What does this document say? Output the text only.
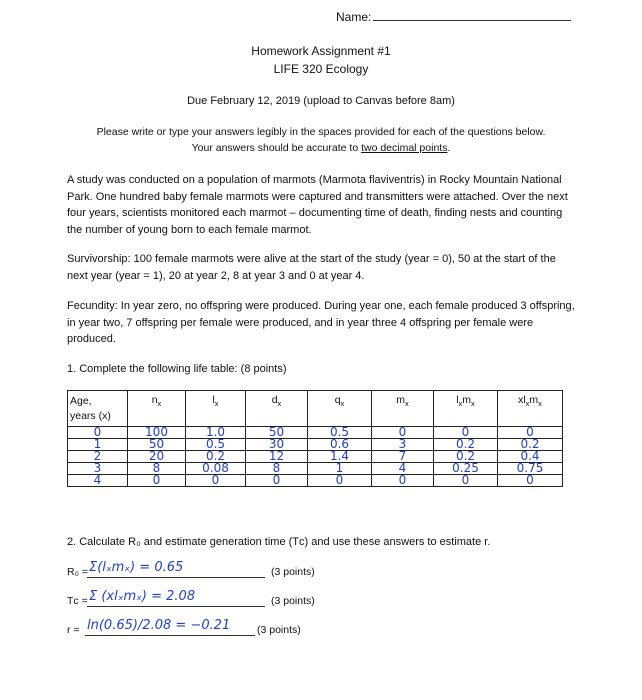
Name:
Homework Assignment #1
LIFE 320 Ecology
Due February 12, 2019 (upload to Canvas before 8am)
Please write or type your answers legibly in the spaces provided for each of the questions below.
Your answers should be accurate to two decimal points.
A study was conducted on a population of marmots (Marmota flaviventris) in Rocky Mountain National Park. One hundred baby female marmots were captured and transmitters were attached. Over the next four years, scientists monitored each marmot – documenting time of death, finding nests and counting the number of young born to each female marmot.
Survivorship: 100 female marmots were alive at the start of the study (year = 0), 50 at the start of the next year (year = 1), 20 at year 2, 8 at year 3 and 0 at year 4.
Fecundity: In year zero, no offspring were produced. During year one, each female produced 3 offspring, in year two, 7 offspring per female were produced, and in year three 4 offspring per female were produced.
1. Complete the following life table: (8 points)
Age,
years (x)	$n_x$	$l_x$	$d_x$	$q_x$	$m_x$	$l_xm_x$	$xl_xm_x$
0	100	1.0	50	0.5	0	0	0
1	50	0.5	30	0.6	3	0.2	0.2
2	20	0.2	12	1.4	7	0.2	0.4
3	8	0.08	8	1	4	0.25	0.75
4	0	0	0	0	0	0	0
2. Calculate R₀ and estimate generation time (Tᴄ) and use these answers to estimate r.
R₀ = Ʃ(lₓmₓ) = 0.65	(3 points)
Tᴄ = Ʃ (xlₓmₓ) = 2.08	(3 points)
r = ln(0.65)/2.08 = −0.21	(3 points)
